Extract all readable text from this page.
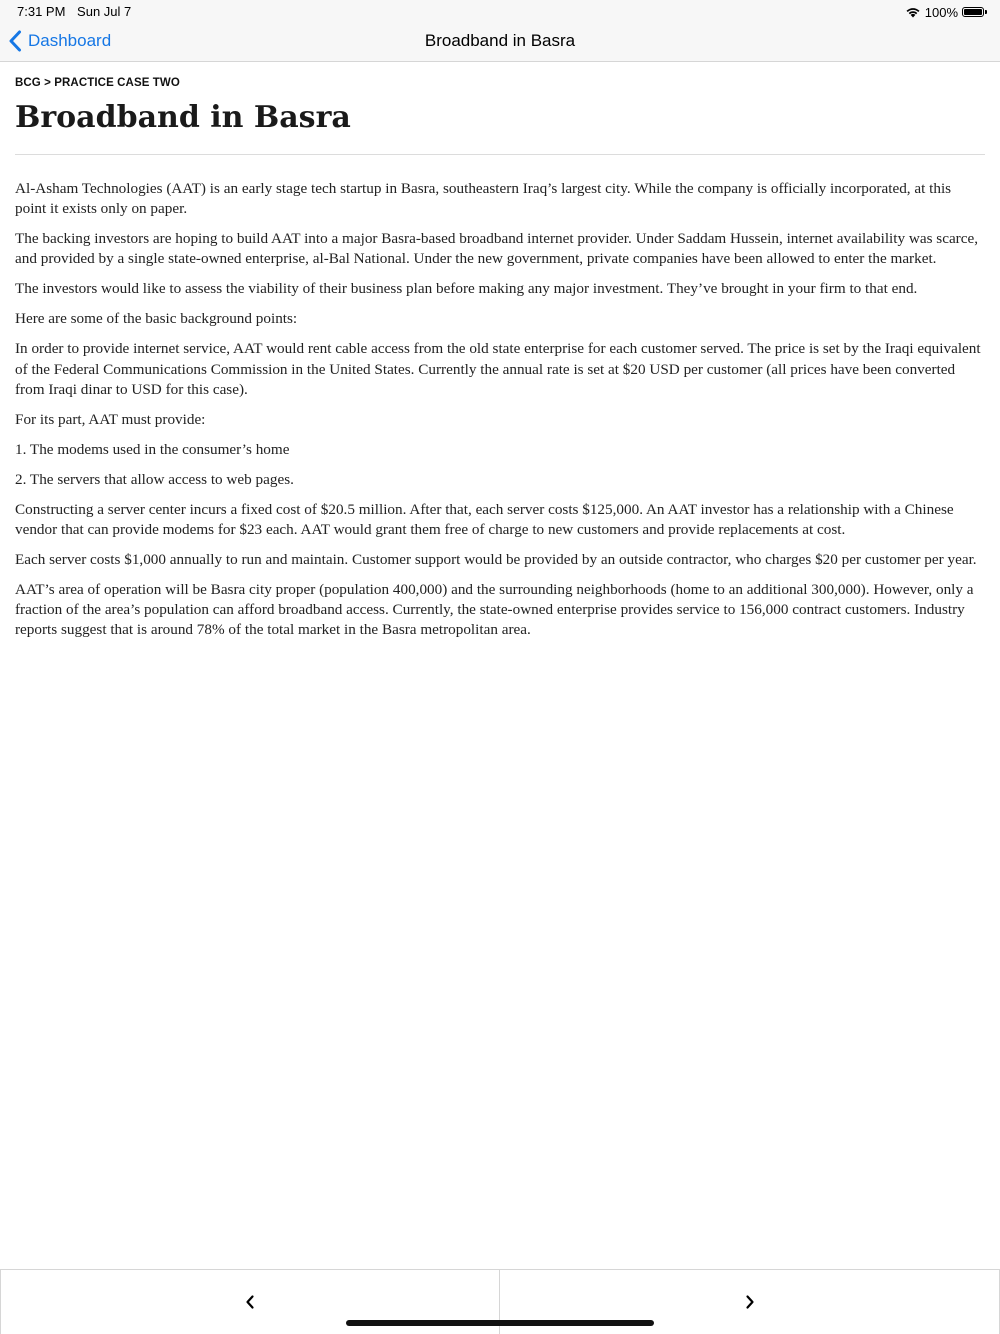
7:31 PM Sun Jul 7	100%
Dashboard	Broadband in Basra
BCG > PRACTICE CASE TWO
Broadband in Basra

Al-Asham Technologies (AAT) is an early stage tech startup in Basra, southeastern Iraq’s largest city. While the company is officially incorporated, at this point it exists only on paper.

The backing investors are hoping to build AAT into a major Basra-based broadband internet provider. Under Saddam Hussein, internet availability was scarce, and provided by a single state-owned enterprise, al-Bal National. Under the new government, private companies have been allowed to enter the market.

The investors would like to assess the viability of their business plan before making any major investment. They’ve brought in your firm to that end.

Here are some of the basic background points:

In order to provide internet service, AAT would rent cable access from the old state enterprise for each customer served. The price is set by the Iraqi equivalent of the Federal Communications Commission in the United States. Currently the annual rate is set at $20 USD per customer (all prices have been converted from Iraqi dinar to USD for this case).

For its part, AAT must provide:

1. The modems used in the consumer’s home

2. The servers that allow access to web pages.

Constructing a server center incurs a fixed cost of $20.5 million. After that, each server costs $125,000. An AAT investor has a relationship with a Chinese vendor that can provide modems for $23 each. AAT would grant them free of charge to new customers and provide replacements at cost.

Each server costs $1,000 annually to run and maintain. Customer support would be provided by an outside contractor, who charges $20 per customer per year.

AAT’s area of operation will be Basra city proper (population 400,000) and the surrounding neighborhoods (home to an additional 300,000). However, only a fraction of the area’s population can afford broadband access. Currently, the state-owned enterprise provides service to 156,000 contract customers. Industry reports suggest that is around 78% of the total market in the Basra metropolitan area.
